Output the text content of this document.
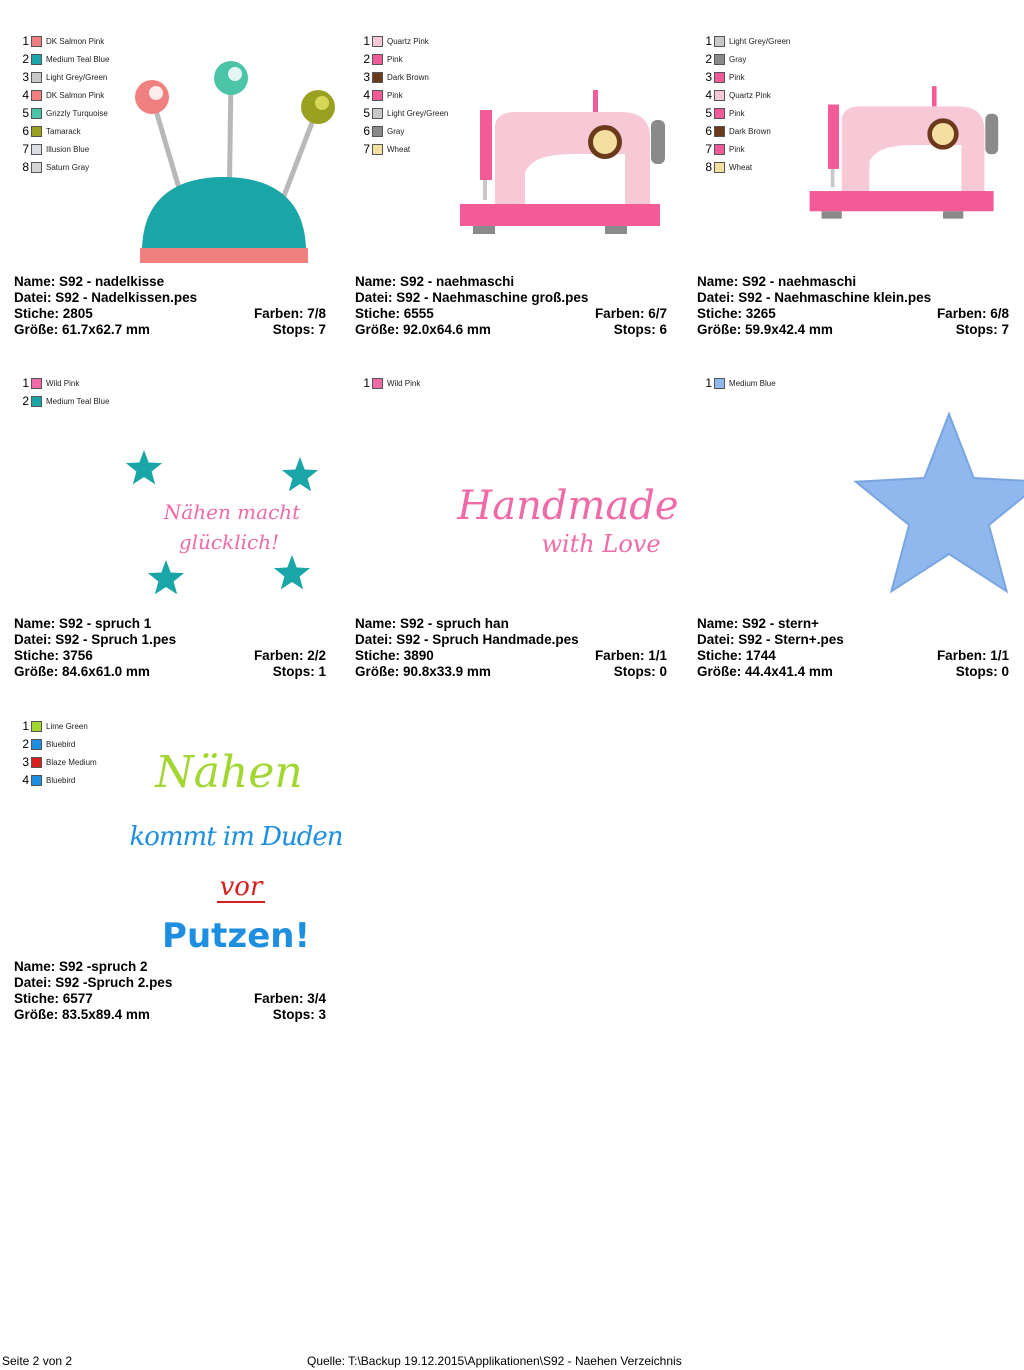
1 DK Salmon Pink
2 Medium Teal Blue
3 Light Grey/Green
4 DK Salmon Pink
5 Grizzly Turquoise
6 Tamarack
7 Illusion Blue
8 Saturn Gray
Name: S92 - nadelkisse
Datei: S92 - Nadelkissen.pes
Stiche: 2805	Farben: 7/8
Größe: 61.7x62.7 mm	Stops: 7
1 Quartz Pink
2 Pink
3 Dark Brown
4 Pink
5 Light Grey/Green
6 Gray
7 Wheat
Name: S92 - naehmaschi
Datei: S92 - Naehmaschine groß.pes
Stiche: 6555	Farben: 6/7
Größe: 92.0x64.6 mm	Stops: 6
1 Light Grey/Green
2 Gray
3 Pink
4 Quartz Pink
5 Pink
6 Dark Brown
7 Pink
8 Wheat
Name: S92 - naehmaschi
Datei: S92 - Naehmaschine klein.pes
Stiche: 3265	Farben: 6/8
Größe: 59.9x42.4 mm	Stops: 7
1 Wild Pink
2 Medium Teal Blue
Nähen macht
glücklich!
Name: S92 - spruch 1
Datei: S92 - Spruch 1.pes
Stiche: 3756	Farben: 2/2
Größe: 84.6x61.0 mm	Stops: 1
1 Wild Pink
Handmade
with Love
Name: S92 - spruch han
Datei: S92 - Spruch Handmade.pes
Stiche: 3890	Farben: 1/1
Größe: 90.8x33.9 mm	Stops: 0
1 Medium Blue
Name: S92 - stern+
Datei: S92 - Stern+.pes
Stiche: 1744	Farben: 1/1
Größe: 44.4x41.4 mm	Stops: 0
1 Lime Green
2 Bluebird
3 Blaze Medium
4 Bluebird Nähen
kommt im Duden
vor
Putzen!
Name: S92 -spruch 2
Datei: S92 -Spruch 2.pes
Stiche: 6577	Farben: 3/4
Größe: 83.5x89.4 mm	Stops: 3
Seite 2 von 2	Quelle: T:\Backup 19.12.2015\Applikationen\S92 - Naehen Verzeichnis
